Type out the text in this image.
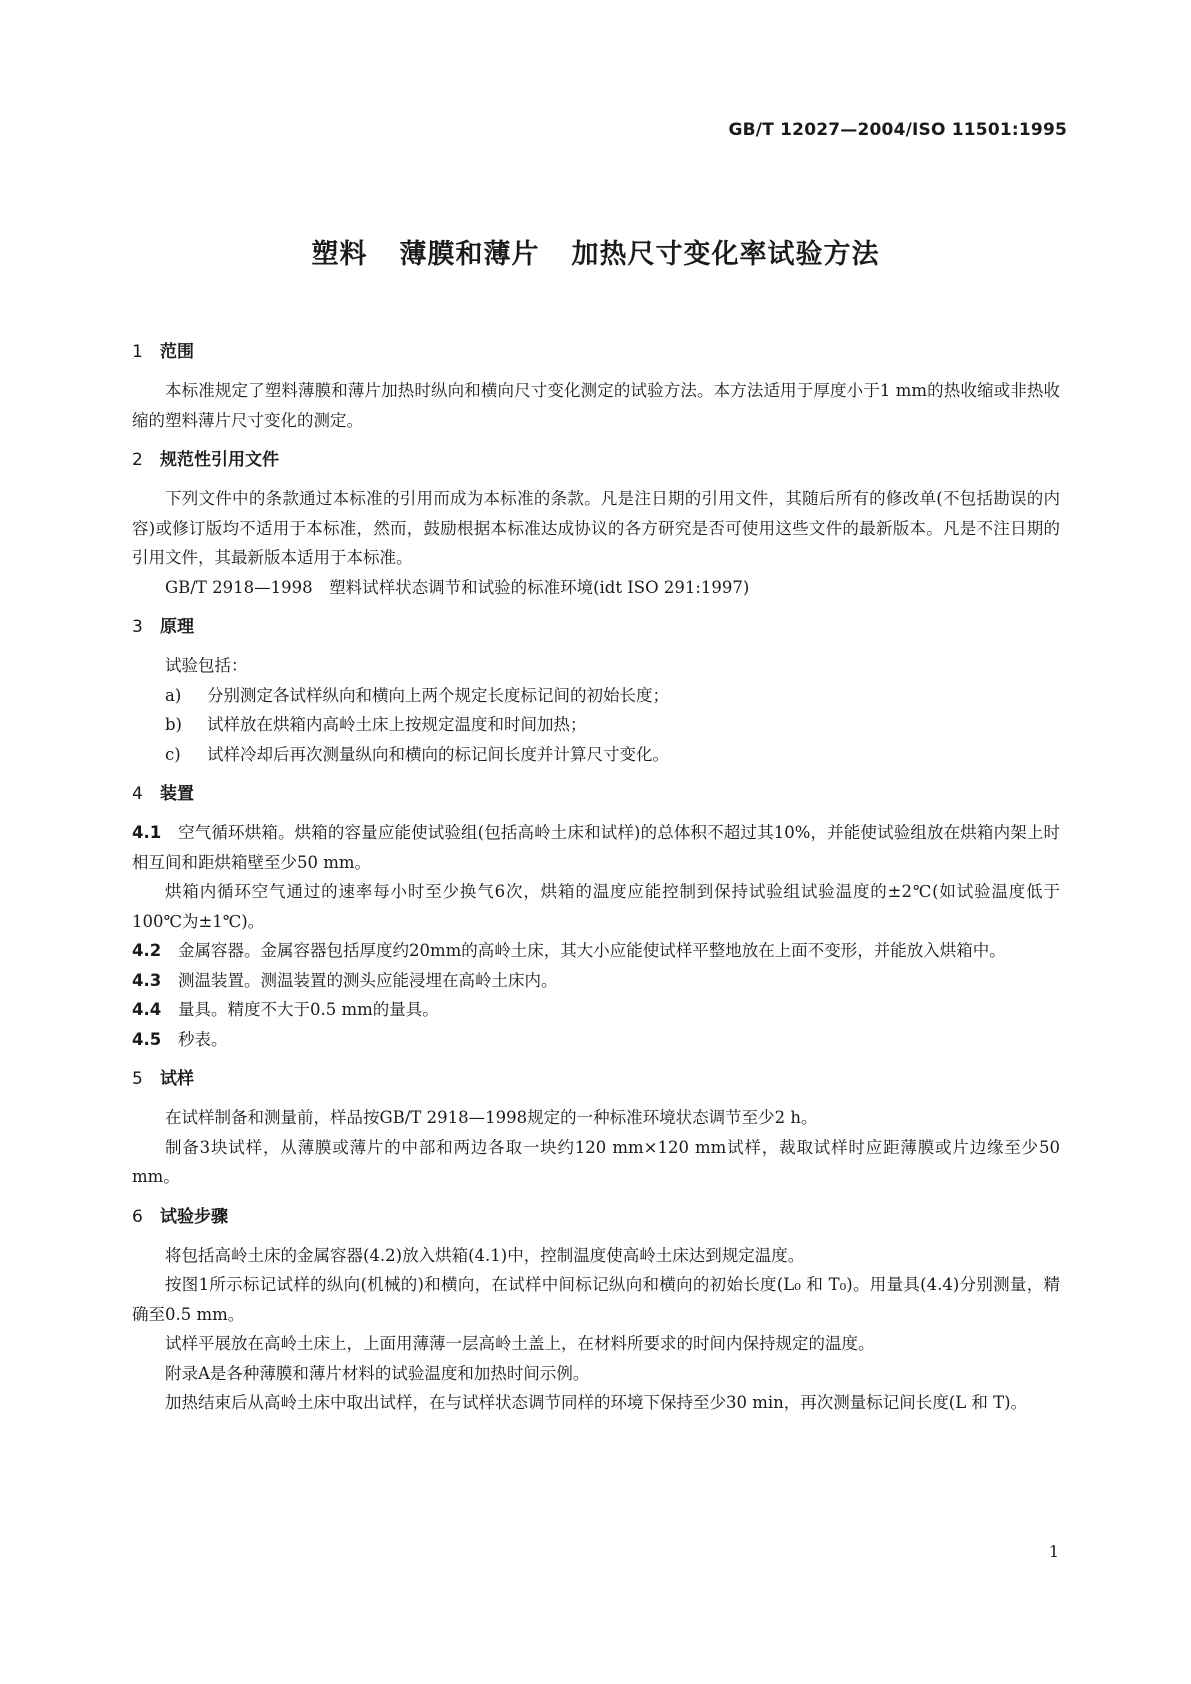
GB/T 12027—2004/ISO 11501:1995
塑料 薄膜和薄片 加热尺寸变化率试验方法
1 范围

本标准规定了塑料薄膜和薄片加热时纵向和横向尺寸变化测定的试验方法。本方法适用于厚度小于1 mm的热收缩或非热收缩的塑料薄片尺寸变化的测定。

2 规范性引用文件

下列文件中的条款通过本标准的引用而成为本标准的条款。凡是注日期的引用文件，其随后所有的修改单(不包括勘误的内容)或修订版均不适用于本标准，然而，鼓励根据本标准达成协议的各方研究是否可使用这些文件的最新版本。凡是不注日期的引用文件，其最新版本适用于本标准。

GB/T 2918—1998　塑料试样状态调节和试验的标准环境(idt ISO 291:1997)

3 原理

试验包括：

a) 分别测定各试样纵向和横向上两个规定长度标记间的初始长度；

b) 试样放在烘箱内高岭土床上按规定温度和时间加热；

c) 试样冷却后再次测量纵向和横向的标记间长度并计算尺寸变化。

4 装置

4.1 空气循环烘箱。烘箱的容量应能使试验组(包括高岭土床和试样)的总体积不超过其10%，并能使试验组放在烘箱内架上时相互间和距烘箱壁至少50 mm。

烘箱内循环空气通过的速率每小时至少换气6次，烘箱的温度应能控制到保持试验组试验温度的±2℃(如试验温度低于100℃为±1℃)。

4.2 金属容器。金属容器包括厚度约20mm的高岭土床，其大小应能使试样平整地放在上面不变形，并能放入烘箱中。

4.3 测温装置。测温装置的测头应能浸埋在高岭土床内。

4.4 量具。精度不大于0.5 mm的量具。

4.5 秒表。

5 试样

在试样制备和测量前，样品按GB/T 2918—1998规定的一种标准环境状态调节至少2 h。

制备3块试样，从薄膜或薄片的中部和两边各取一块约120 mm×120 mm试样，裁取试样时应距薄膜或片边缘至少50 mm。

6 试验步骤

将包括高岭土床的金属容器(4.2)放入烘箱(4.1)中，控制温度使高岭土床达到规定温度。

按图1所示标记试样的纵向(机械的)和横向，在试样中间标记纵向和横向的初始长度(L₀ 和 T₀)。用量具(4.4)分别测量，精确至0.5 mm。

试样平展放在高岭土床上，上面用薄薄一层高岭土盖上，在材料所要求的时间内保持规定的温度。

附录A是各种薄膜和薄片材料的试验温度和加热时间示例。

加热结束后从高岭土床中取出试样，在与试样状态调节同样的环境下保持至少30 min，再次测量标记间长度(L 和 T)。

1
